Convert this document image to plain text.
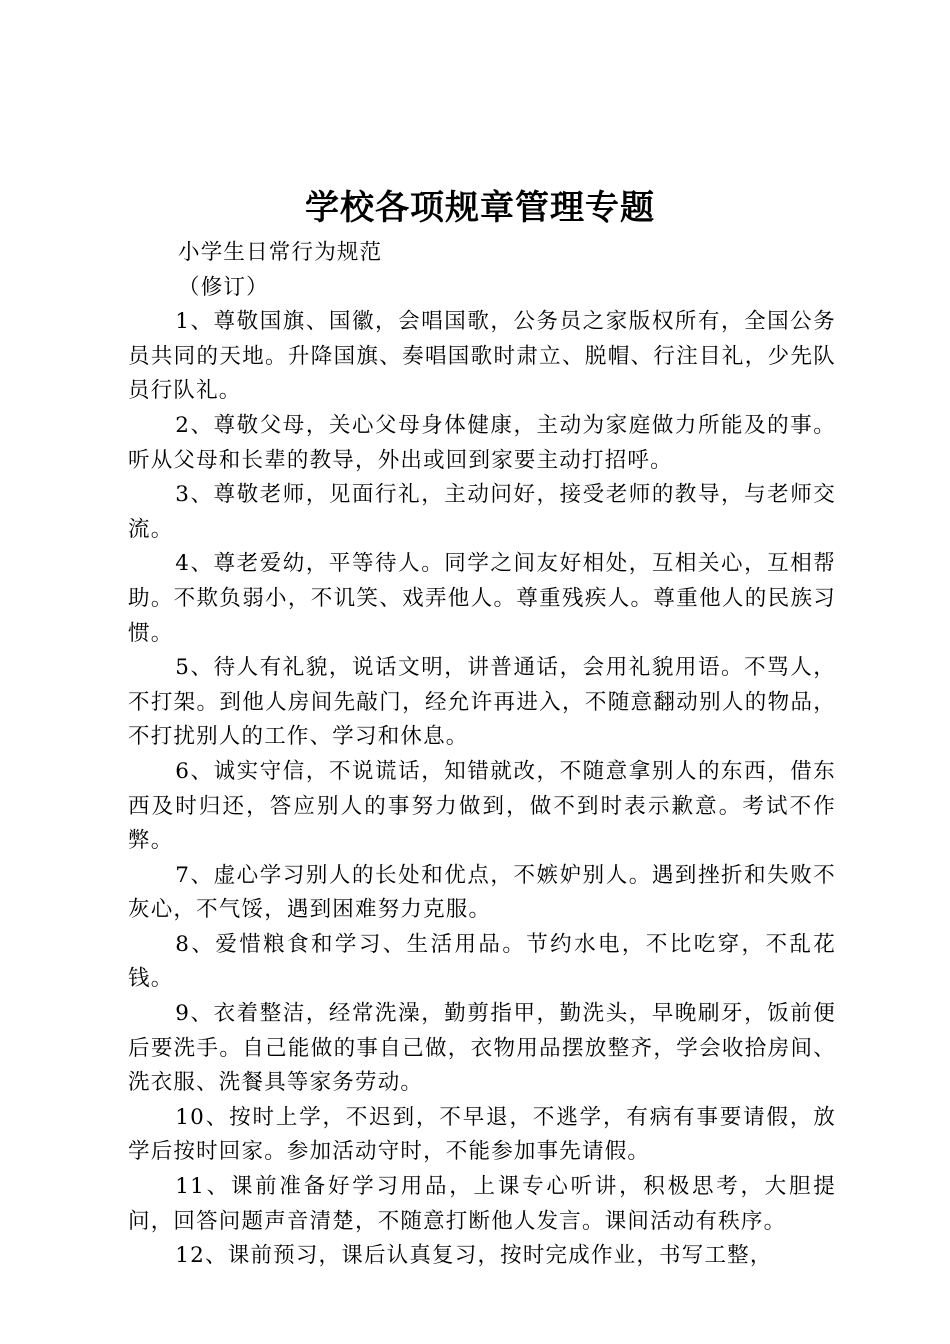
学校各项规章管理专题

小学生日常行为规范

（修订）

1、尊敬国旗、国徽，会唱国歌，公务员之家版权所有，全国公务员共同的天地。升降国旗、奏唱国歌时肃立、脱帽、行注目礼，少先队员行队礼。

2、尊敬父母，关心父母身体健康，主动为家庭做力所能及的事。听从父母和长辈的教导，外出或回到家要主动打招呼。

3、尊敬老师，见面行礼，主动问好，接受老师的教导，与老师交流。

4、尊老爱幼，平等待人。同学之间友好相处，互相关心，互相帮助。不欺负弱小，不讥笑、戏弄他人。尊重残疾人。尊重他人的民族习惯。

5、待人有礼貌，说话文明，讲普通话，会用礼貌用语。不骂人，不打架。到他人房间先敲门，经允许再进入，不随意翻动别人的物品，不打扰别人的工作、学习和休息。

6、诚实守信，不说谎话，知错就改，不随意拿别人的东西，借东西及时归还，答应别人的事努力做到，做不到时表示歉意。考试不作弊。

7、虚心学习别人的长处和优点，不嫉妒别人。遇到挫折和失败不灰心，不气馁，遇到困难努力克服。

8、爱惜粮食和学习、生活用品。节约水电，不比吃穿，不乱花钱。

9、衣着整洁，经常洗澡，勤剪指甲，勤洗头，早晚刷牙，饭前便后要洗手。自己能做的事自己做，衣物用品摆放整齐，学会收拾房间、洗衣服、洗餐具等家务劳动。

10、按时上学，不迟到，不早退，不逃学，有病有事要请假，放学后按时回家。参加活动守时，不能参加事先请假。

11、课前准备好学习用品，上课专心听讲，积极思考，大胆提问，回答问题声音清楚，不随意打断他人发言。课间活动有秩序。

12、课前预习，课后认真复习，按时完成作业，书写工整，
